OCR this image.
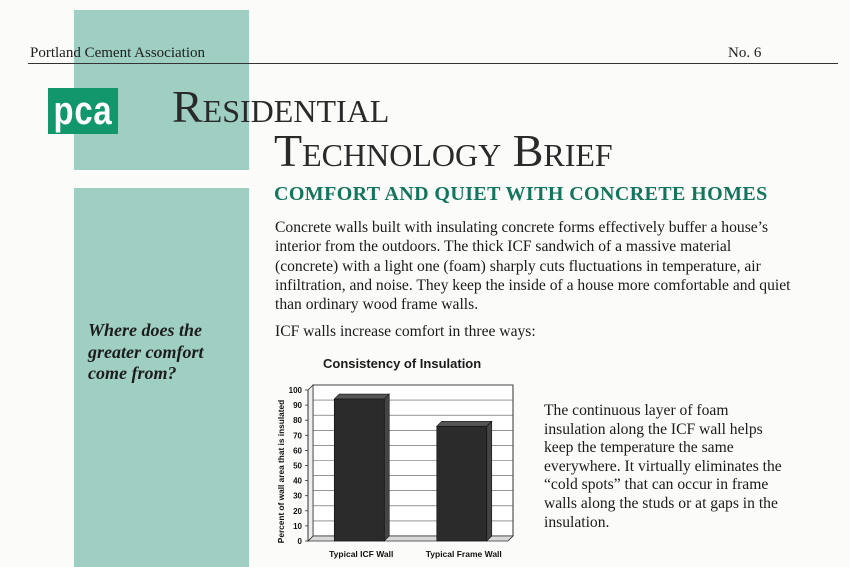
Portland Cement Association	No. 6
pca Residential
Technology Brief
COMFORT AND QUIET WITH CONCRETE HOMES

Concrete walls built with insulating concrete forms effectively buffer a house’s interior from the outdoors. The thick ICF sandwich of a massive material (concrete) with a light one (foam) sharply cuts fluctuations in temperature, air infiltration, and noise. They keep the inside of a house more comfortable and quiet than ordinary wood frame walls.

Where does the greater comfort come from?

ICF walls increase comfort in three ways:

Consistency of Insulation
0
10
20
30
40
50
60
70
80
90
100
Typical ICF Wall	Typical Frame Wall
Percent of wall area that is insulated	The continuous layer of foam insulation along the ICF wall helps keep the temperature the same everywhere. It virtually eliminates the “cold spots” that can occur in frame walls along the studs or at gaps in the insulation.
